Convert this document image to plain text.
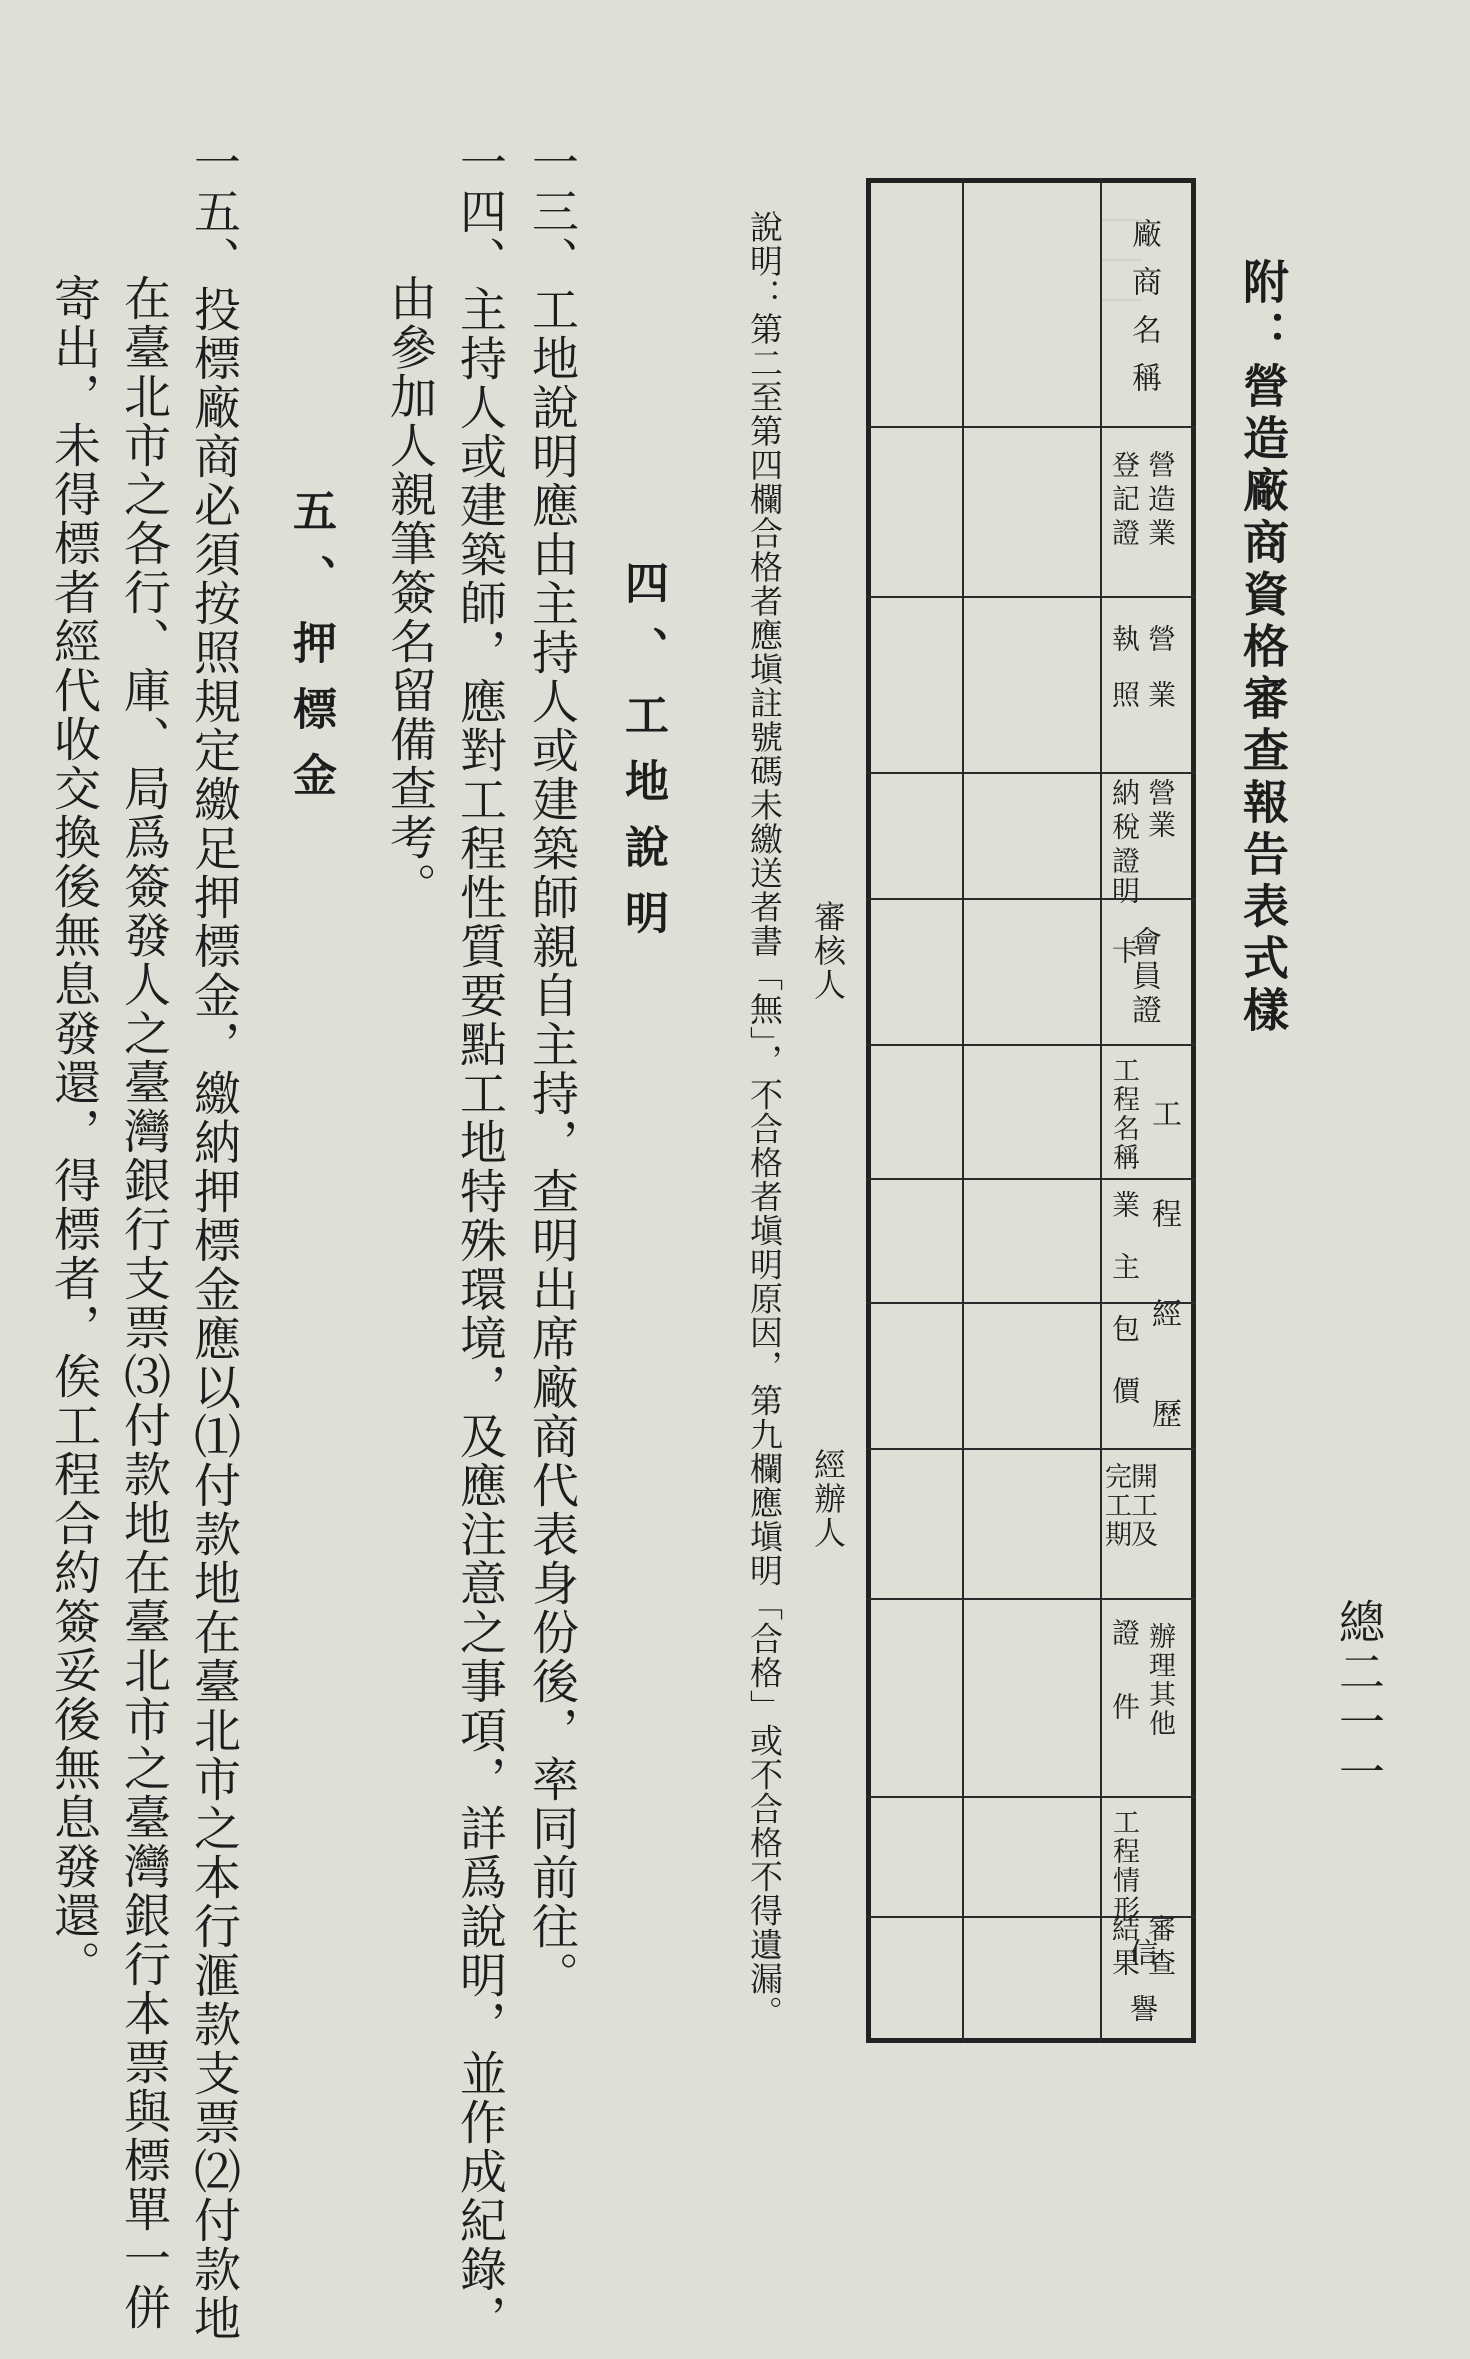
｜｜｜｜
附：營造廠商資格審查報告表式樣
總二一一
廠商名稱
營造業
登記證
營業
執照
營業
納稅證
明卡
會員證
工程經歷
工程名稱
業主
包價
開工及
完工期
證件 辦理其他
工程情形
信譽
審查
結果
審核人
經辦人
說明：第二至第四欄合格者應塡註號碼未繳送者書「無」，不合格者塡明原因，第九欄應塡明「合格」或不合格不得遺漏。
四、工地說明
一三、工地說明應由主持人或建築師親自主持，查明出席廠商代表身份後，率同前往。
一四、主持人或建築師，應對工程性質要點工地特殊環境，及應注意之事項，詳爲說明，並作成紀錄，
由參加人親筆簽名留備查考。
五、押標金
一五、投標廠商必須按照規定繳足押標金，繳納押標金應以⑴付款地在臺北市之本行滙款支票⑵付款地
在臺北市之各行、庫、局爲簽發人之臺灣銀行支票⑶付款地在臺北市之臺灣銀行本票與標單一併
寄出，未得標者經代收交換後無息發還，得標者，俟工程合約簽妥後無息發還。
